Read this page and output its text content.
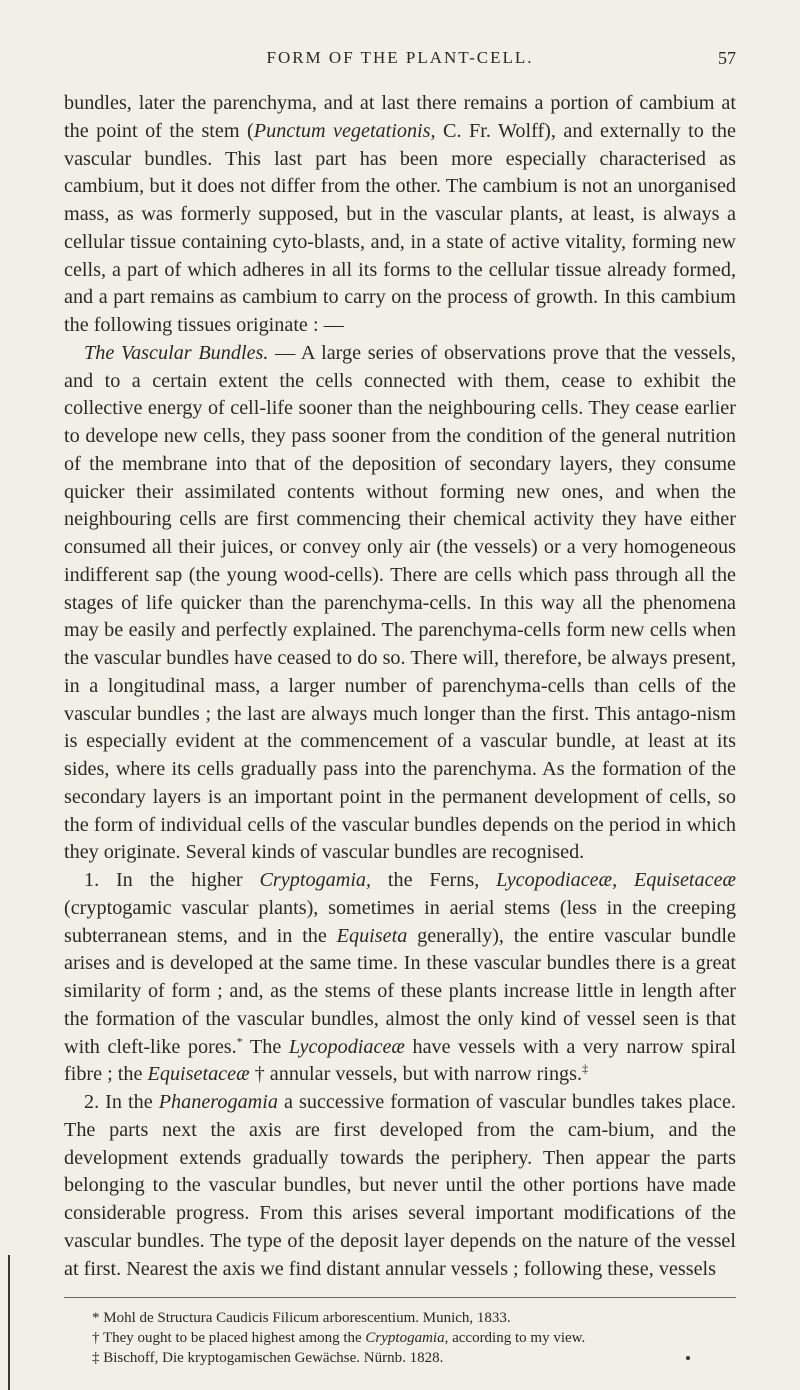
FORM OF THE PLANT-CELL.	57

bundles, later the parenchyma, and at last there remains a portion of cambium at the point of the stem (Punctum vegetationis, C. Fr. Wolff), and externally to the vascular bundles. This last part has been more especially characterised as cambium, but it does not differ from the other. The cambium is not an unorganised mass, as was formerly supposed, but in the vascular plants, at least, is always a cellular tissue containing cyto-blasts, and, in a state of active vitality, forming new cells, a part of which adheres in all its forms to the cellular tissue already formed, and a part remains as cambium to carry on the process of growth. In this cambium the following tissues originate : —

The Vascular Bundles. — A large series of observations prove that the vessels, and to a certain extent the cells connected with them, cease to exhibit the collective energy of cell-life sooner than the neighbouring cells. They cease earlier to develope new cells, they pass sooner from the condition of the general nutrition of the membrane into that of the deposition of secondary layers, they consume quicker their assimilated contents without forming new ones, and when the neighbouring cells are first commencing their chemical activity they have either consumed all their juices, or convey only air (the vessels) or a very homogeneous indifferent sap (the young wood-cells). There are cells which pass through all the stages of life quicker than the parenchyma-cells. In this way all the phenomena may be easily and perfectly explained. The parenchyma-cells form new cells when the vascular bundles have ceased to do so. There will, therefore, be always present, in a longitudinal mass, a larger number of parenchyma-cells than cells of the vascular bundles ; the last are always much longer than the first. This antago-nism is especially evident at the commencement of a vascular bundle, at least at its sides, where its cells gradually pass into the parenchyma. As the formation of the secondary layers is an important point in the permanent development of cells, so the form of individual cells of the vascular bundles depends on the period in which they originate. Several kinds of vascular bundles are recognised.

1. In the higher Cryptogamia, the Ferns, Lycopodiaceæ, Equisetaceæ (cryptogamic vascular plants), sometimes in aerial stems (less in the creeping subterranean stems, and in the Equiseta generally), the entire vascular bundle arises and is developed at the same time. In these vascular bundles there is a great similarity of form ; and, as the stems of these plants increase little in length after the formation of the vascular bundles, almost the only kind of vessel seen is that with cleft-like pores.* The Lycopodiaceæ have vessels with a very narrow spiral fibre ; the Equisetaceæ † annular vessels, but with narrow rings.‡

2. In the Phanerogamia a successive formation of vascular bundles takes place. The parts next the axis are first developed from the cam-bium, and the development extends gradually towards the periphery. Then appear the parts belonging to the vascular bundles, but never until the other portions have made considerable progress. From this arises several important modifications of the vascular bundles. The type of the deposit layer depends on the nature of the vessel at first. Nearest the axis we find distant annular vessels ; following these, vessels

* Mohl de Structura Caudicis Filicum arborescentium. Munich, 1833.

† They ought to be placed highest among the Cryptogamia, according to my view.

‡ Bischoff, Die kryptogamischen Gewächse. Nürnb. 1828.
